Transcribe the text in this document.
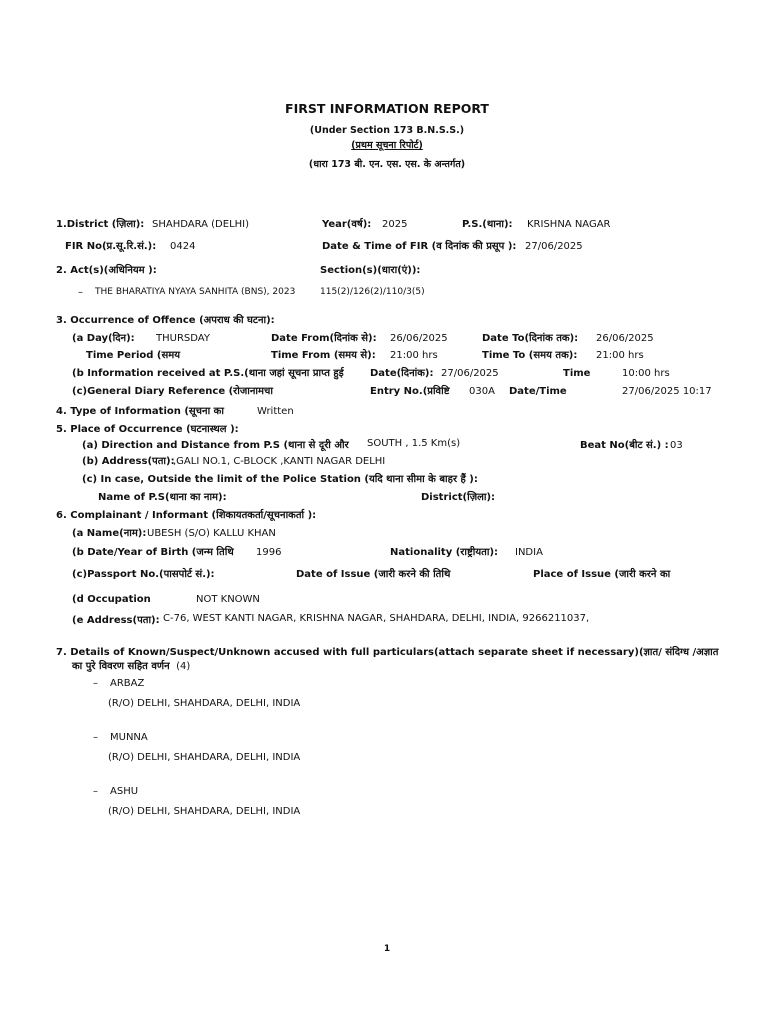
FIRST INFORMATION REPORT
(Under Section 173 B.N.S.S.)
(प्रथम सूचना रिपोर्ट)
(धारा 173 बी. एन. एस. एस. के अन्तर्गत)
1.District (ज़िला): SHAHDARA (DELHI)	Year(वर्ष): 2025	P.S.(थाना): KRISHNA NAGAR
FIR No(प्र.सू.रि.सं.): 0424	Date & Time of FIR (व दिनांक की प्रसूप ): 27/06/2025
2. Act(s)(अधिनियम ):	Section(s)(धारा(एं)):
– THE BHARATIYA NYAYA SANHITA (BNS), 2023	115(2)/126(2)/110/3(5)
3. Occurrence of Offence (अपराध की घटना):
(a Day(दिन): THURSDAY	Date From(दिनांक से): 26/06/2025	Date To(दिनांक तक): 26/06/2025
Time Period (समय	Time From (समय से): 21:00 hrs	Time To (समय तक): 21:00 hrs
(b Information received at P.S.(थाना जहां सूचना प्राप्त हुई	Date(दिनांक): 27/06/2025	Time	10:00 hrs
(c)General Diary Reference (रोजानामचा	Entry No.(प्रविष्टि 030A Date/Time	27/06/2025 10:17
4. Type of Information (सूचना का	Written
5. Place of Occurrence (घटनास्थल ):
(a) Direction and Distance from P.S (थाना से दूरी और SOUTH , 1.5 Km(s)	Beat No(बीट सं.) : 03
(b) Address(पता):
,GALI NO.1, C-BLOCK ,KANTI NAGAR DELHI
(c) In case, Outside the limit of the Police Station (यदि थाना सीमा के बाहर हैं ):
Name of P.S(थाना का नाम):	District(ज़िला):
6. Complainant / Informant (शिकायतकर्ता/सूचनाकर्ता ):
(a Name(नाम): UBESH (S/O) KALLU KHAN
(b Date/Year of Birth (जन्म तिथि 1996	Nationality (राष्ट्रीयता): INDIA
(c)Passport No.(पासपोर्ट सं.):	Date of Issue (जारी करने की तिथि	Place of Issue (जारी करने का
(d Occupation	NOT KNOWN
(e Address(पता): C-76, WEST KANTI NAGAR, KRISHNA NAGAR, SHAHDARA, DELHI, INDIA, 9266211037,
7. Details of Known/Suspect/Unknown accused with full particulars(attach separate sheet if necessary)(ज्ञात/ संदिग्ध /अज्ञात
का पुरे विवरण सहित वर्णन (4)
– ARBAZ
(R/O) DELHI, SHAHDARA, DELHI, INDIA
– MUNNA
(R/O) DELHI, SHAHDARA, DELHI, INDIA
– ASHU
(R/O) DELHI, SHAHDARA, DELHI, INDIA
1
